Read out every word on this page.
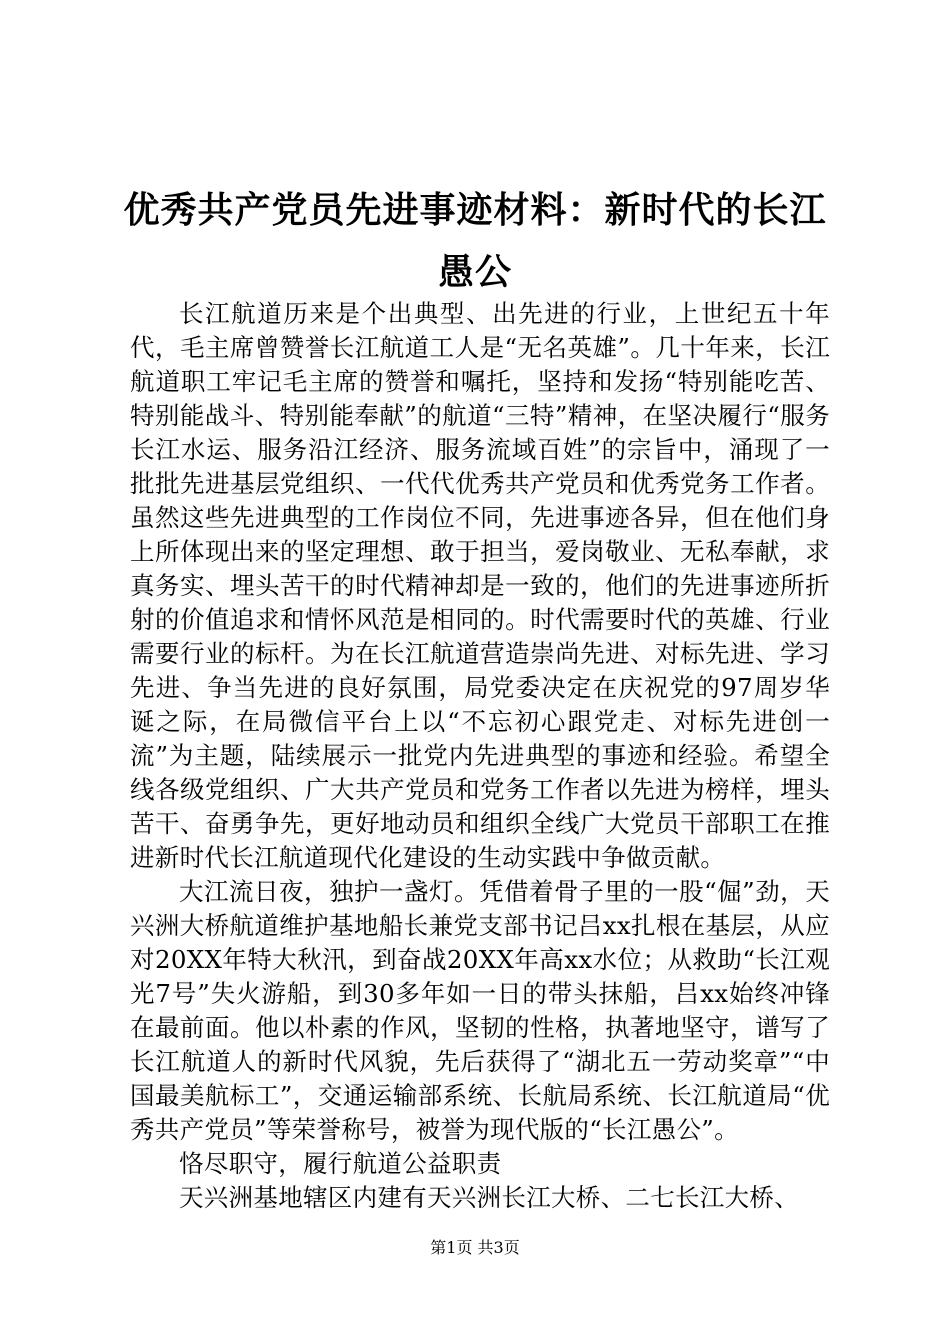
优秀共产党员先进事迹材料：新时代的长江愚公

长江航道历来是个出典型、出先进的行业，上世纪五十年代，毛主席曾赞誉长江航道工人是“无名英雄”。几十年来，长江航道职工牢记毛主席的赞誉和嘱托，坚持和发扬“特别能吃苦、特别能战斗、特别能奉献”的航道“三特”精神，在坚决履行“服务长江水运、服务沿江经济、服务流域百姓”的宗旨中，涌现了一批批先进基层党组织、一代代优秀共产党员和优秀党务工作者。虽然这些先进典型的工作岗位不同，先进事迹各异，但在他们身上所体现出来的坚定理想、敢于担当，爱岗敬业、无私奉献，求真务实、埋头苦干的时代精神却是一致的，他们的先进事迹所折射的价值追求和情怀风范是相同的。时代需要时代的英雄、行业需要行业的标杆。为在长江航道营造崇尚先进、对标先进、学习先进、争当先进的良好氛围，局党委决定在庆祝党的97周岁华诞之际，在局微信平台上以“不忘初心跟党走、对标先进创一流”为主题，陆续展示一批党内先进典型的事迹和经验。希望全线各级党组织、广大共产党员和党务工作者以先进为榜样，埋头苦干、奋勇争先，更好地动员和组织全线广大党员干部职工在推进新时代长江航道现代化建设的生动实践中争做贡献。

大江流日夜，独护一盏灯。凭借着骨子里的一股“倔”劲，天兴洲大桥航道维护基地船长兼党支部书记吕xx扎根在基层，从应对20XX年特大秋汛，到奋战20XX年高xx水位；从救助“长江观光7号”失火游船，到30多年如一日的带头抹船，吕xx始终冲锋在最前面。他以朴素的作风，坚韧的性格，执著地坚守，谱写了长江航道人的新时代风貌，先后获得了“湖北五一劳动奖章”“中国最美航标工”，交通运输部系统、长航局系统、长江航道局“优秀共产党员”等荣誉称号，被誉为现代版的“长江愚公”。

恪尽职守，履行航道公益职责

天兴洲基地辖区内建有天兴洲长江大桥、二七长江大桥、

第1页 共3页
